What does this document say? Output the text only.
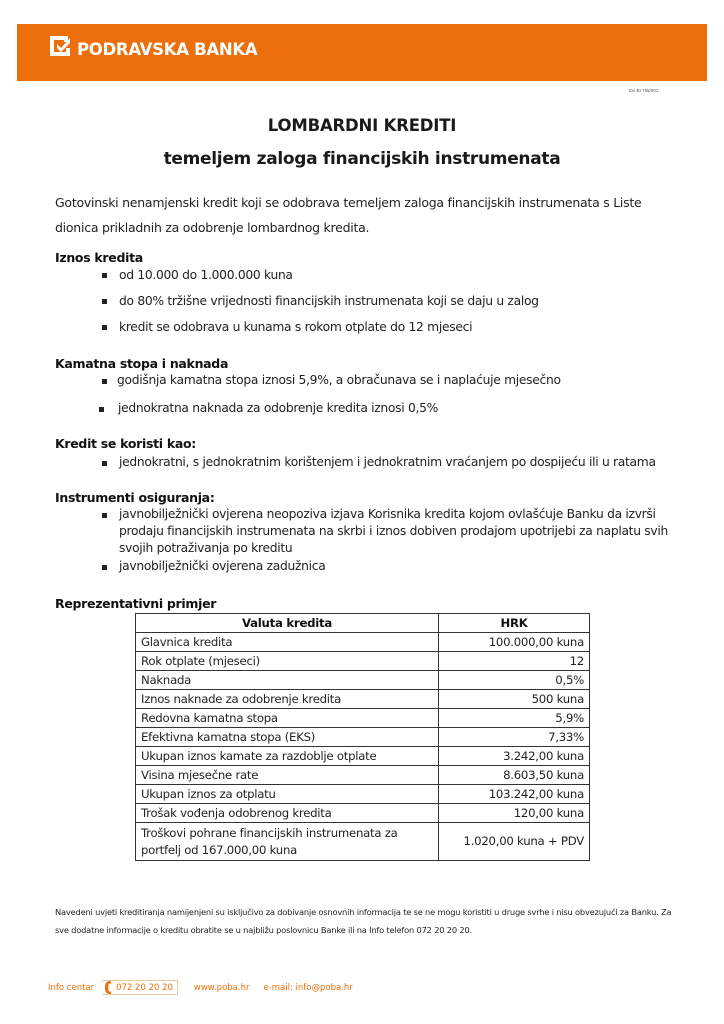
PODRAVSKA BANKA
Evi BI 755/001
LOMBARDNI KREDITI
temeljem zaloga financijskih instrumenata

Gotovinski nenamjenski kredit koji se odobrava temeljem zaloga financijskih instrumenata s Liste dionica prikladnih za odobrenje lombardnog kredita.

Iznos kredita
od 10.000 do 1.000.000 kuna
do 80% tržišne vrijednosti financijskih instrumenata koji se daju u zalog
kredit se odobrava u kunama s rokom otplate do 12 mjeseci
Kamatna stopa i naknada
godišnja kamatna stopa iznosi 5,9%, a obračunava se i naplaćuje mjesečno
jednokratna naknada za odobrenje kredita iznosi 0,5%
Kredit se koristi kao:
jednokratni, s jednokratnim korištenjem i jednokratnim vraćanjem po dospijeću ili u ratama
Instrumenti osiguranja:
javnobilježnički ovjerena neopoziva izjava Korisnika kredita kojom ovlašćuje Banku da izvrši prodaju financijskih instrumenata na skrbi i iznos dobiven prodajom upotrijebi za naplatu svih svojih potraživanja po kreditu
javnobilježnički ovjerena zadužnica
Reprezentativni primjer
Valuta kredita	HRK
Glavnica kredita	100.000,00 kuna
Rok otplate (mjeseci)	12
Naknada	0,5%
Iznos naknade za odobrenje kredita	500 kuna
Redovna kamatna stopa	5,9%
Efektivna kamatna stopa (EKS)	7,33%
Ukupan iznos kamate za razdoblje otplate	3.242,00 kuna
Visina mjesečne rate	8.603,50 kuna
Ukupan iznos za otplatu	103.242,00 kuna
Trošak vođenja odobrenog kredita	120,00 kuna
Troškovi pohrane financijskih instrumenata za portfelj od 167.000,00 kuna	1.020,00 kuna + PDV

Navedeni uvjeti kreditiranja namijenjeni su isključivo za dobivanje osnovnih informacija te se ne mogu koristiti u druge svrhe i nisu obvezujući za Banku. Za sve dodatne informacije o kreditu obratite se u najbližu poslovnicu Banke ili na Info telefon 072 20 20 20.

Info centar	072 20 20 20 www.poba.hr e-mail: info@poba.hr
